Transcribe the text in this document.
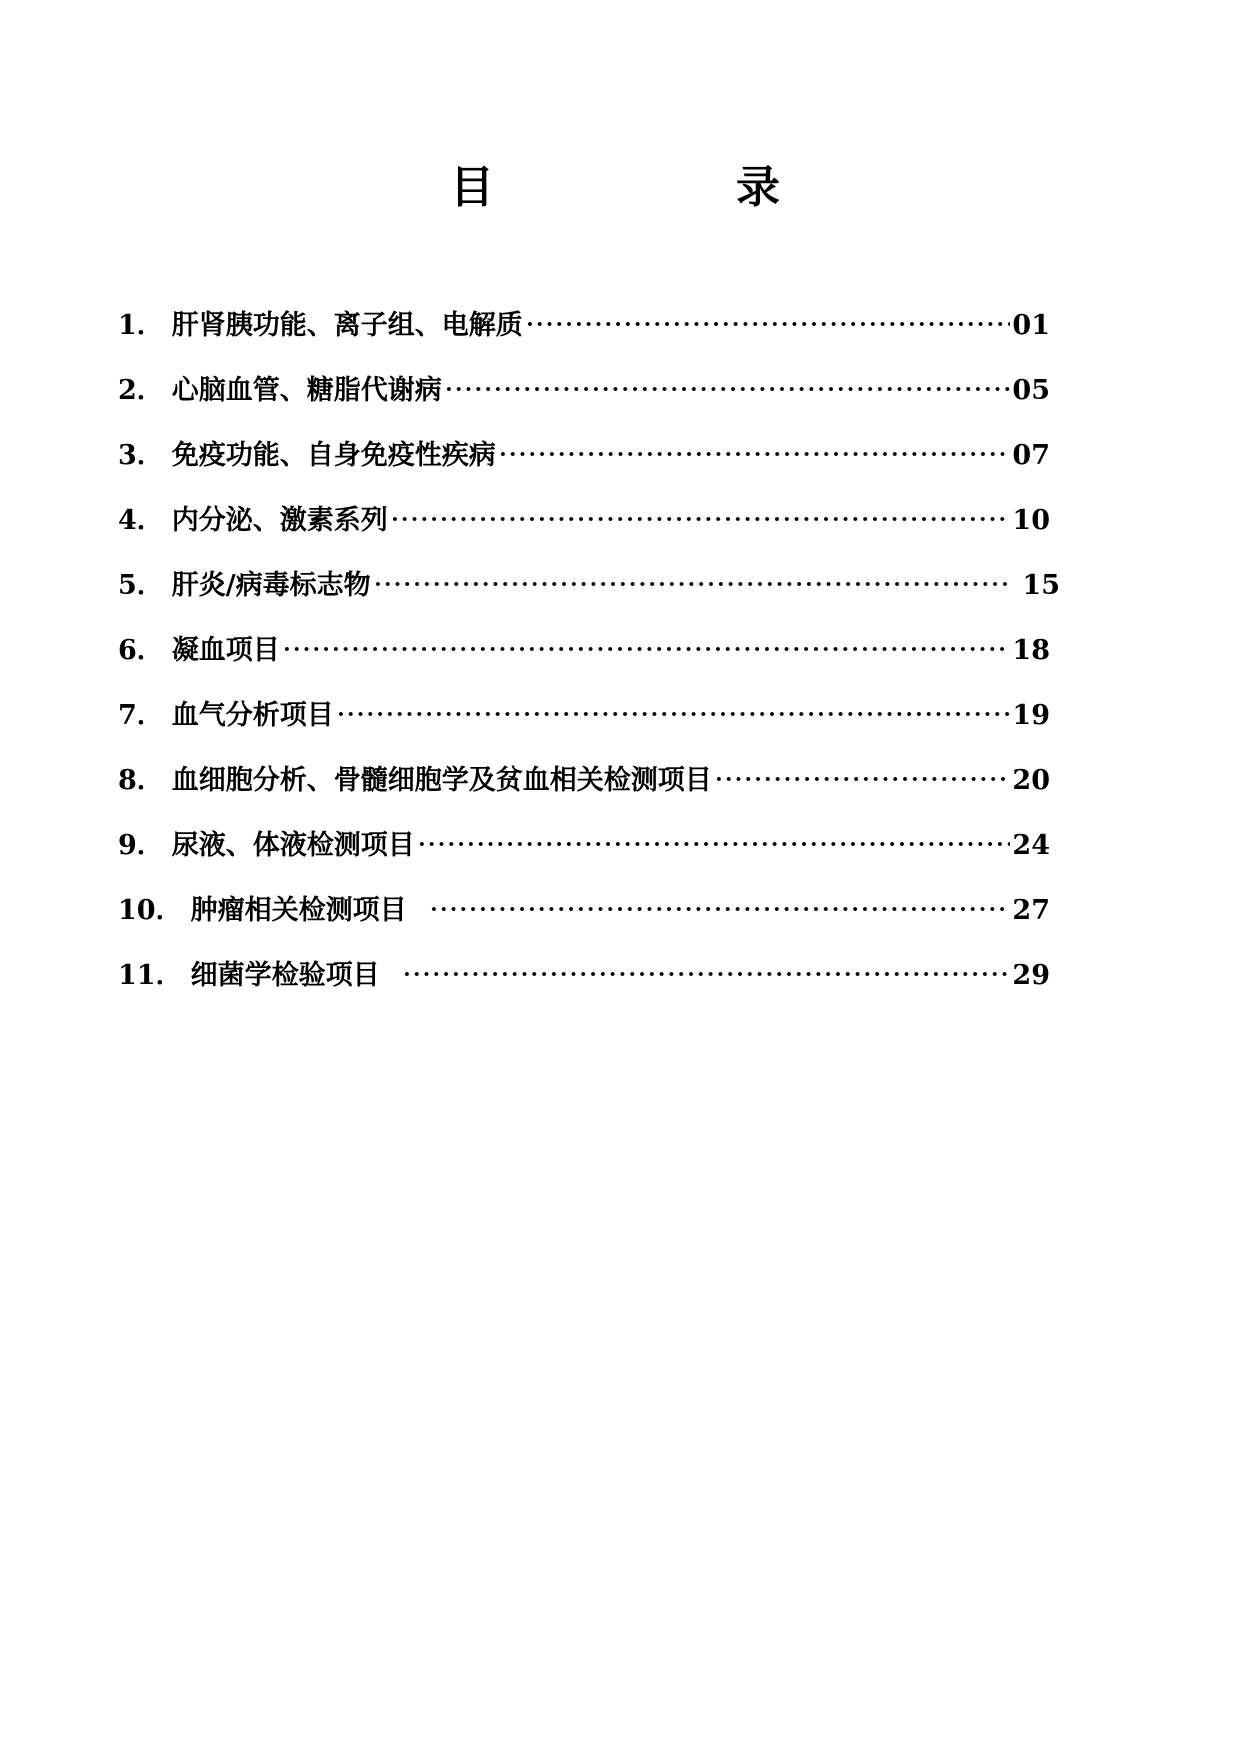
目	录
1． 肝肾胰功能、离子组、电解质	01
2． 心脑血管、糖脂代谢病	05
3． 免疫功能、自身免疫性疾病	07
4． 内分泌、激素系列	10
5． 肝炎/病毒标志物	15
6． 凝血项目	18
7． 血气分析项目	19
8． 血细胞分析、骨髓细胞学及贫血相关检测项目	20
9． 尿液、体液检测项目	24
10． 肿瘤相关检测项目	27
11． 细菌学检验项目	29
